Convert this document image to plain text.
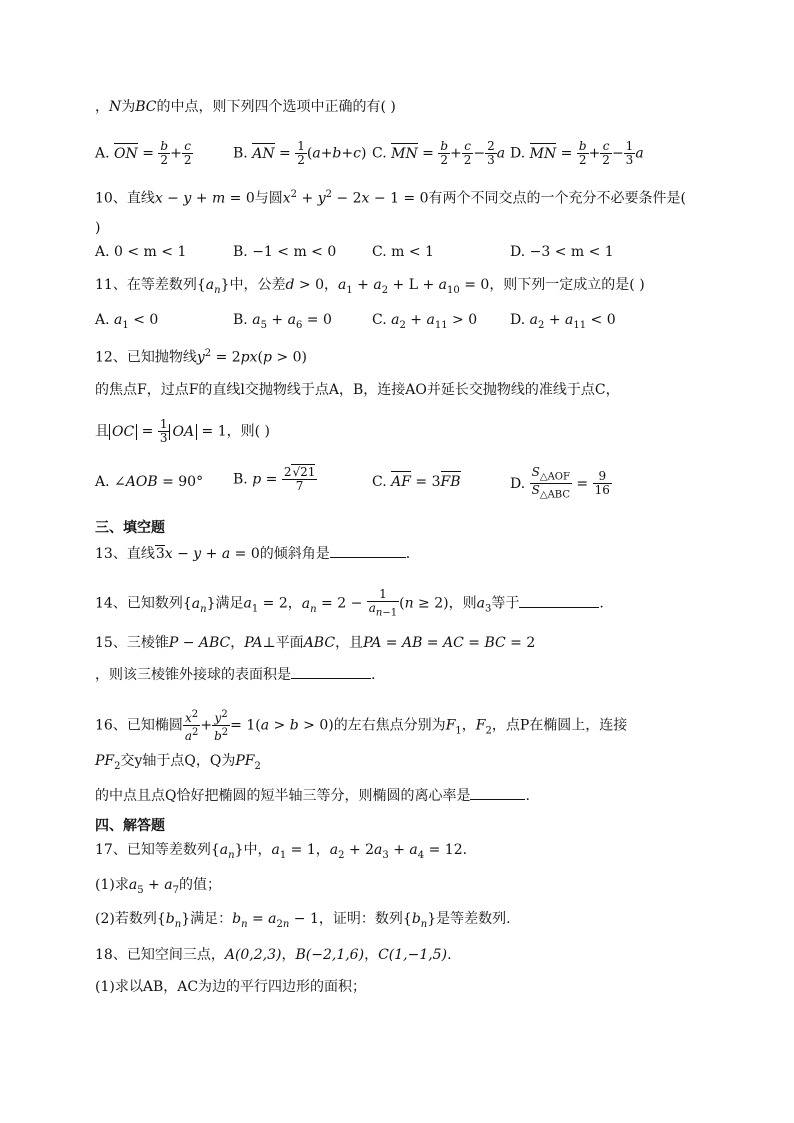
，N为BC的中点，则下列四个选项中正确的有( )
A. ON = $\frac{b}{2} + \frac{c}{2}$	B. AN = $\frac{1}{2} (a+b+c)$ C. MN = $\frac{b}{2} + \frac{c}{2} - \frac{2}{3}$ a D. MN = $\frac{b}{2} + \frac{c}{2} - \frac{1}{3}$ a
10、直线x − y + m = 0与圆$x^2 + y^2 - 2x - 1 = 0$有两个不同交点的一个充分不必要条件是(
)
A. 0 < m < 1	B. −1 < m < 0	C. m < 1	D. −3 < m < 1
11、在等差数列$\{a_n\}$中，公差d > 0，$a_1 + a_2 + L + a_{10} = 0$，则下列一定成立的是( )
A. $a_1 < 0$	B. $a_5 + a_6 = 0$	C. $a_2 + a_{11} > 0$ D. $a_2 + a_{11} < 0$
12、已知抛物线$y^2 = 2px(p > 0)$
的焦点F，过点F的直线l交抛物线于点A，B，连接AO并延长交抛物线的准线于点C，
且 OC = $\frac{1}{3}$ OA = 1，则( )
A. ∠AOB = 90° B. $p = \frac{2√21}{7}$	C. AF = 3FB	D. $\frac{S_{\triangle AOF}}{S_{\triangle ABC}} = \frac{9}{16}$
三、填空题
13、直线3x − y + a = 0的倾斜角是	.
14、已知数列$\{a_n\}$满足$a_1 = 2$，$a_n = 2 - \frac{1}{a_{n-1}} (n \ge 2)$，则$a_3$等于	.
15、三棱锥P − ABC，PA⊥平面ABC，且PA = AB = AC = BC = 2
，则该三棱锥外接球的表面积是	.
16、已知椭圆 $\frac{x^2}{a^2} + \frac{y^2}{b^2} = 1(a > b > 0)$的左右焦点分别为$F_1$，$F_2$，点P在椭圆上，连接
$PF_2$交y轴于点Q，Q为$PF_2$
的中点且点Q恰好把椭圆的短半轴三等分，则椭圆的离心率是	.
四、解答题
17、已知等差数列$\{a_n\}$中，$a_1 = 1$，$a_2 + 2a_3 + a_4 = 12$.
(1)求$a_5 + a_7$的值；
(2)若数列$\{b_n\}$满足：$b_n = a_{2n} - 1$，证明：数列$\{b_n\}$是等差数列.
18、已知空间三点，A(0,2,3)，B(−2,1,6)，C(1,−1,5).
(1)求以AB，AC为边的平行四边形的面积；
